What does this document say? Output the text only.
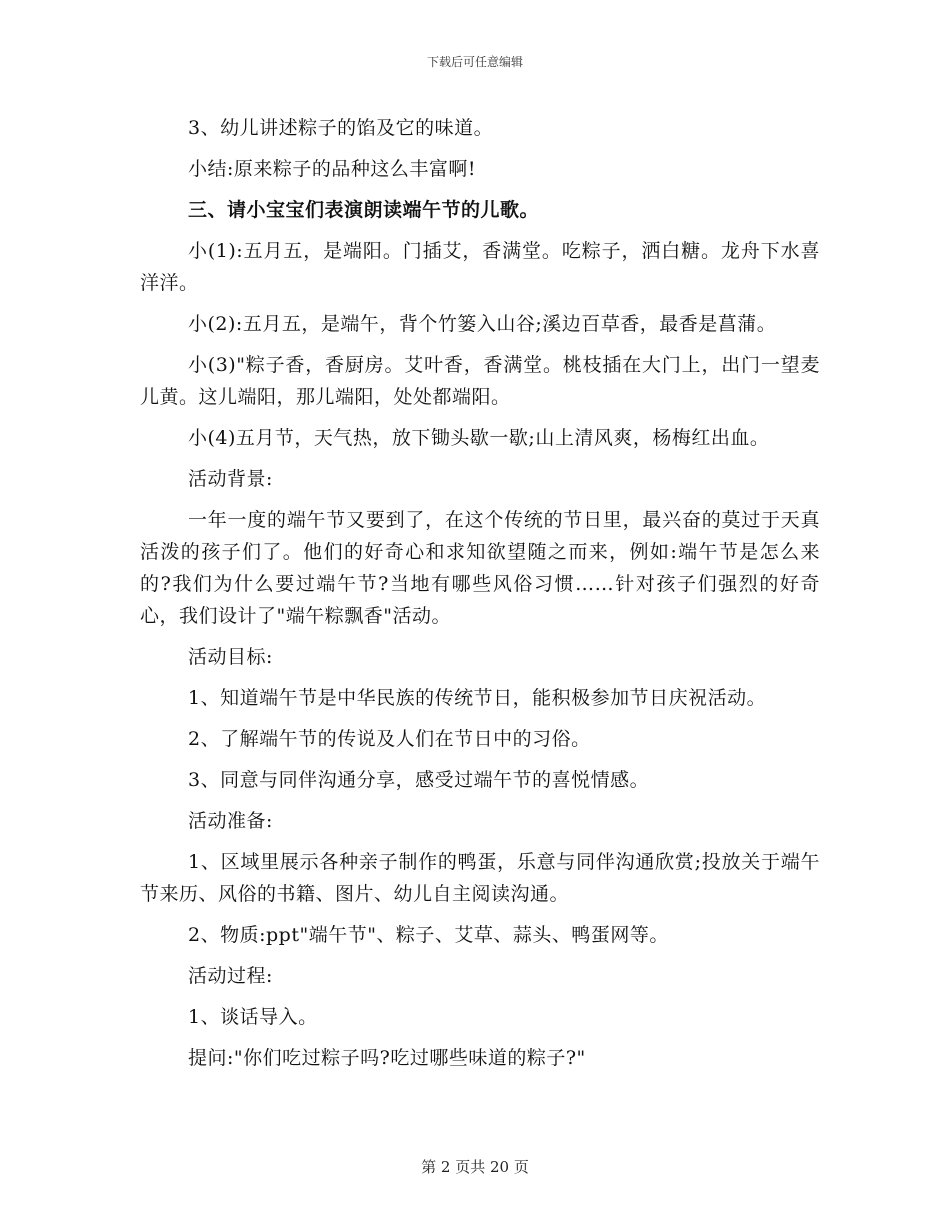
下载后可任意编辑

3、幼儿讲述粽子的馅及它的味道。

小结:原来粽子的品种这么丰富啊!

三、请小宝宝们表演朗读端午节的儿歌。

小(1):五月五，是端阳。门插艾，香满堂。吃粽子，洒白糖。龙舟下水喜洋洋。

小(2):五月五，是端午，背个竹篓入山谷;溪边百草香，最香是菖蒲。

小(3)"粽子香，香厨房。艾叶香，香满堂。桃枝插在大门上，出门一望麦儿黄。这儿端阳，那儿端阳，处处都端阳。

小(4)五月节，天气热，放下锄头歇一歇;山上清风爽，杨梅红出血。

活动背景:

一年一度的端午节又要到了，在这个传统的节日里，最兴奋的莫过于天真活泼的孩子们了。他们的好奇心和求知欲望随之而来，例如:端午节是怎么来的?我们为什么要过端午节?当地有哪些风俗习惯……针对孩子们强烈的好奇心，我们设计了"端午粽飘香"活动。

活动目标:

1、知道端午节是中华民族的传统节日，能积极参加节日庆祝活动。

2、了解端午节的传说及人们在节日中的习俗。

3、同意与同伴沟通分享，感受过端午节的喜悦情感。

活动准备:

1、区域里展示各种亲子制作的鸭蛋，乐意与同伴沟通欣赏;投放关于端午节来历、风俗的书籍、图片、幼儿自主阅读沟通。

2、物质:ppt"端午节"、粽子、艾草、蒜头、鸭蛋网等。

活动过程:

1、谈话导入。

提问:"你们吃过粽子吗?吃过哪些味道的粽子?"

第 2 页共 20 页
